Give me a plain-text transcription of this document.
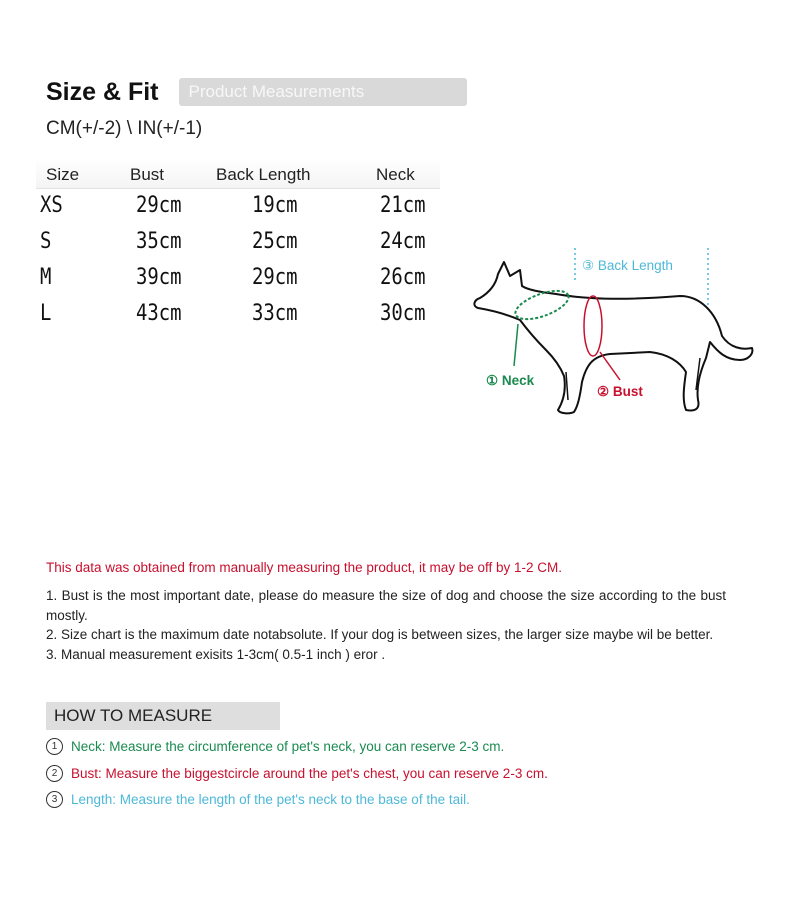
Size & Fit	Product Measurements
CM(+/-2) \ IN(+/-1)
Size	Bust	Back Length	Neck
XS	29cm	19cm	21cm
S	35cm	25cm	24cm
M	39cm	29cm	26cm
L	43cm	33cm	30cm
③ Back Length
① Neck
② Bust
This data was obtained from manually measuring the product, it may be off by 1-2 CM.

1. Bust is the most important date, please do measure the size of dog and choose the size according to the bust mostly.

2. Size chart is the maximum date notabsolute. If your dog is between sizes, the larger size maybe wil be better.

3. Manual measurement exisits 1-3cm( 0.5-1 inch ) eror .

HOW TO MEASURE
1	Neck: Measure the circumference of pet's neck, you can reserve 2-3 cm.
2	Bust: Measure the biggestcircle around the pet's chest, you can reserve 2-3 cm.
3	Length: Measure the length of the pet's neck to the base of the tail.
